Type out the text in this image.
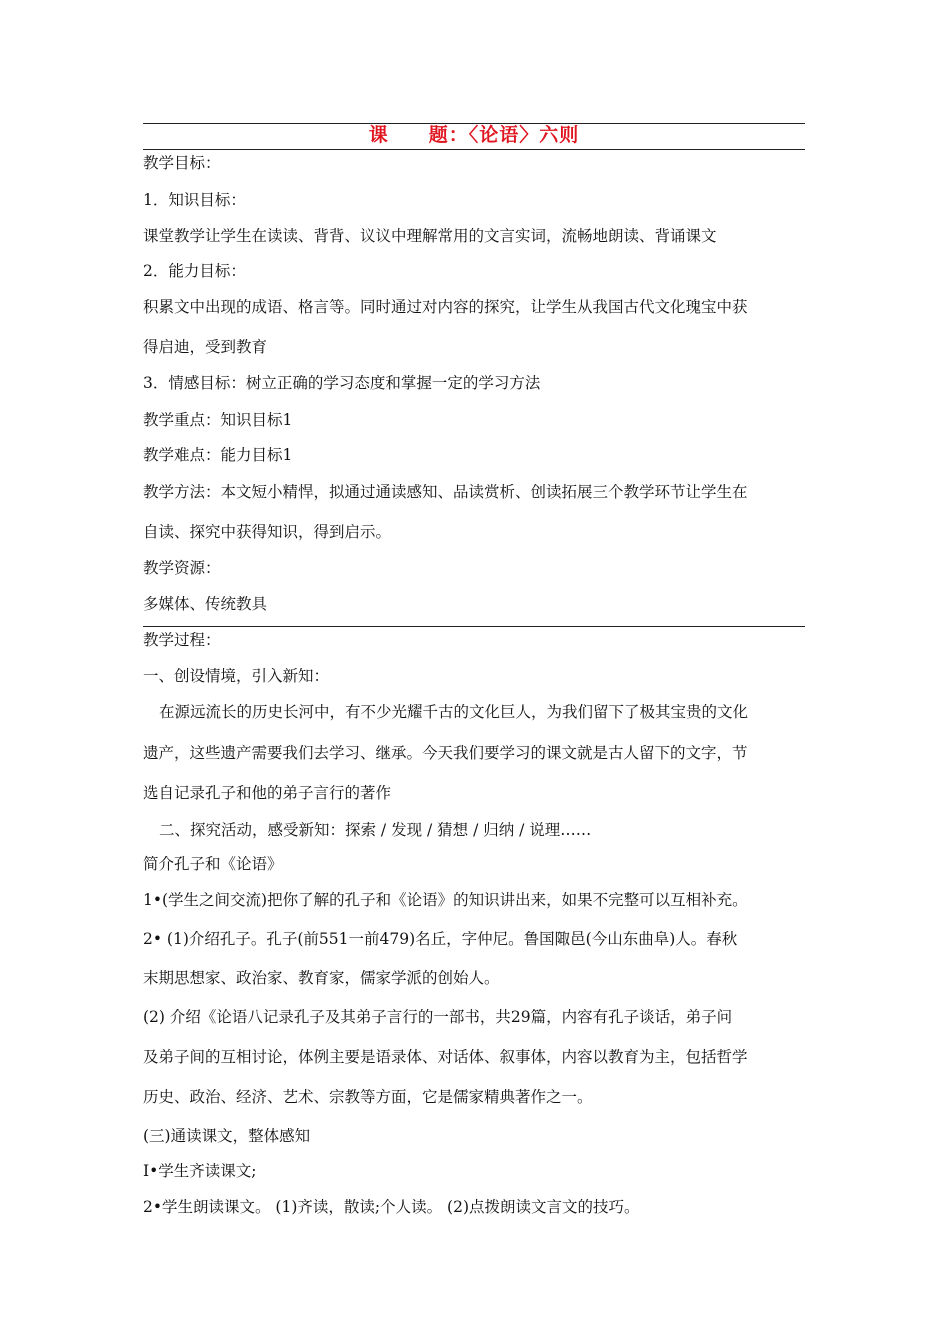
课　　题：〈论语〉六则
教学目标：
1．知识目标：
课堂教学让学生在读读、背背、议议中理解常用的文言实词，流畅地朗读、背诵课文
2．能力目标：
积累文中出现的成语、格言等。同时通过对内容的探究，让学生从我国古代文化瑰宝中获
得启迪，受到教育
3．情感目标：树立正确的学习态度和掌握一定的学习方法
教学重点：知识目标1
教学难点：能力目标1
教学方法：本文短小精悍，拟通过通读感知、品读赏析、创读拓展三个教学环节让学生在
自读、探究中获得知识，得到启示。
教学资源：
多媒体、传统教具
教学过程：
一、创设情境，引入新知：
在源远流长的历史长河中，有不少光耀千古的文化巨人，为我们留下了极其宝贵的文化
遗产，这些遗产需要我们去学习、继承。今天我们要学习的课文就是古人留下的文字，节
选自记录孔子和他的弟子言行的著作
二、探究活动，感受新知：探索 / 发现 / 猜想 / 归纳 / 说理……
简介孔子和《论语》
1•(学生之间交流)把你了解的孔子和《论语》的知识讲出来，如果不完整可以互相补充。
2• (1)介绍孔子。孔子(前551一前479)名丘，字仲尼。鲁国陬邑(今山东曲阜)人。春秋
末期思想家、政治家、教育家，儒家学派的创始人。
(2) 介绍《论语八记录孔子及其弟子言行的一部书，共29篇，内容有孔子谈话，弟子问
及弟子间的互相讨论，体例主要是语录体、对话体、叙事体，内容以教育为主，包括哲学
历史、政治、经济、艺术、宗教等方面，它是儒家精典著作之一。
(三)通读课文，整体感知
I•学生齐读课文;
2•学生朗读课文。 (1)齐读，散读;个人读。 (2)点拨朗读文言文的技巧。
